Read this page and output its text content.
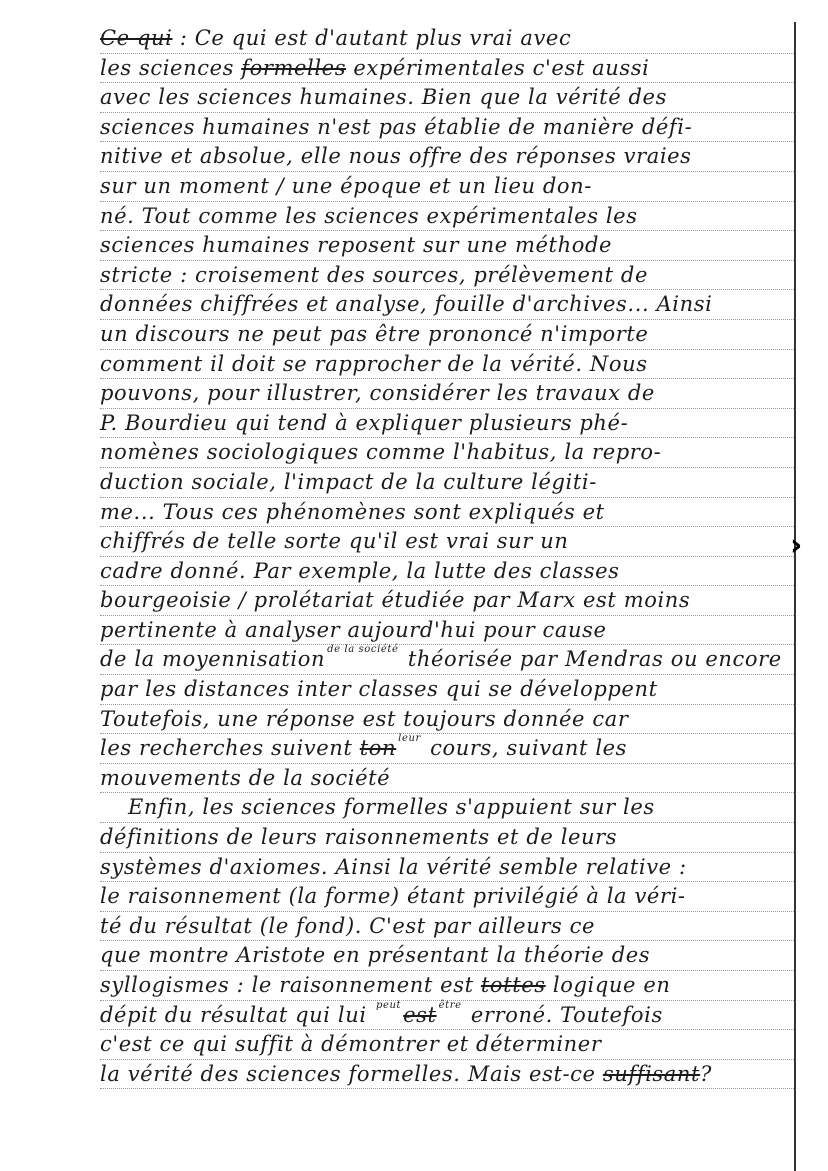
Ce qui : Ce qui est d'autant plus vrai avec
les sciences formelles expérimentales c'est aussi
avec les sciences humaines. Bien que la vérité des
sciences humaines n'est pas établie de manière défi-
nitive et absolue, elle nous offre des réponses vraies
sur un moment / une époque et un lieu don-
né. Tout comme les sciences expérimentales les
sciences humaines reposent sur une méthode
stricte : croisement des sources, prélèvement de
données chiffrées et analyse, fouille d'archives... Ainsi
un discours ne peut pas être prononcé n'importe
comment il doit se rapprocher de la vérité. Nous
pouvons, pour illustrer, considérer les travaux de
P. Bourdieu qui tend à expliquer plusieurs phé-
nomènes sociologiques comme l'habitus, la repro-
duction sociale, l'impact de la culture légiti-
me... Tous ces phénomènes sont expliqués et
chiffrés de telle sorte qu'il est vrai sur un
cadre donné. Par exemple, la lutte des classes
bourgeoisie / prolétariat étudiée par Marx est moins
pertinente à analyser aujourd'hui pour cause
de la moyennisation $^{de la société}$ théorisée par Mendras ou encore
par les distances inter classes qui se développent
Toutefois, une réponse est toujours donnée car
les recherches suivent ton $^{leur}$ cours, suivant les
mouvements de la société
Enfin, les sciences formelles s'appuient sur les
définitions de leurs raisonnements et de leurs
systèmes d'axiomes. Ainsi la vérité semble relative :
le raisonnement (la forme) étant privilégié à la véri-
té du résultat (le fond). C'est par ailleurs ce
que montre Aristote en présentant la théorie des
syllogismes : le raisonnement est tottes logique en
dépit du résultat qui lui $^{peut}$est $^{être}$ erroné. Toutefois
c'est ce qui suffit à démontrer et déterminer
la vérité des sciences formelles. Mais est-ce suffisant?
›
